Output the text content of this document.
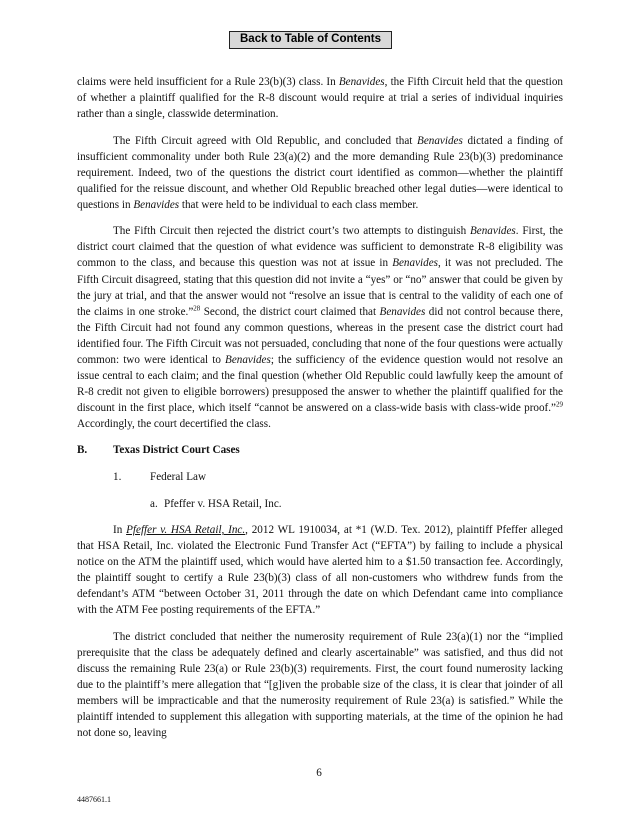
Back to Table of Contents

claims were held insufficient for a Rule 23(b)(3) class. In Benavides, the Fifth Circuit held that the question of whether a plaintiff qualified for the R-8 discount would require at trial a series of individual inquiries rather than a single, classwide determination.

The Fifth Circuit agreed with Old Republic, and concluded that Benavides dictated a finding of insufficient commonality under both Rule 23(a)(2) and the more demanding Rule 23(b)(3) predominance requirement. Indeed, two of the questions the district court identified as common—whether the plaintiff qualified for the reissue discount, and whether Old Republic breached other legal duties—were identical to questions in Benavides that were held to be individual to each class member.

The Fifth Circuit then rejected the district court’s two attempts to distinguish Benavides. First, the district court claimed that the question of what evidence was sufficient to demonstrate R-8 eligibility was common to the class, and because this question was not at issue in Benavides, it was not precluded. The Fifth Circuit disagreed, stating that this question did not invite a “yes” or “no” answer that could be given by the jury at trial, and that the answer would not “resolve an issue that is central to the validity of each one of the claims in one stroke.”$^{28}$ Second, the district court claimed that Benavides did not control because there, the Fifth Circuit had not found any common questions, whereas in the present case the district court had identified four. The Fifth Circuit was not persuaded, concluding that none of the four questions were actually common: two were identical to Benavides; the sufficiency of the evidence question would not resolve an issue central to each claim; and the final question (whether Old Republic could lawfully keep the amount of R-8 credit not given to eligible borrowers) presupposed the answer to whether the plaintiff qualified for the discount in the first place, which itself “cannot be answered on a class-wide basis with class-wide proof.”$^{29}$ Accordingly, the court decertified the class.

B.	Texas District Court Cases
1.	Federal Law
a. Pfeffer v. HSA Retail, Inc.

In Pfeffer v. HSA Retail, Inc., 2012 WL 1910034, at *1 (W.D. Tex. 2012), plaintiff Pfeffer alleged that HSA Retail, Inc. violated the Electronic Fund Transfer Act (“EFTA”) by failing to include a physical notice on the ATM the plaintiff used, which would have alerted him to a $1.50 transaction fee. Accordingly, the plaintiff sought to certify a Rule 23(b)(3) class of all non-customers who withdrew funds from the defendant’s ATM “between October 31, 2011 through the date on which Defendant came into compliance with the ATM Fee posting requirements of the EFTA.”

The district concluded that neither the numerosity requirement of Rule 23(a)(1) nor the “implied prerequisite that the class be adequately defined and clearly ascertainable” was satisfied, and thus did not discuss the remaining Rule 23(a) or Rule 23(b)(3) requirements. First, the court found numerosity lacking due to the plaintiff’s mere allegation that “[g]iven the probable size of the class, it is clear that joinder of all members will be impracticable and that the numerosity requirement of Rule 23(a) is satisfied.” While the plaintiff intended to supplement this allegation with supporting materials, at the time of the opinion he had not done so, leaving

6
4487661.1
